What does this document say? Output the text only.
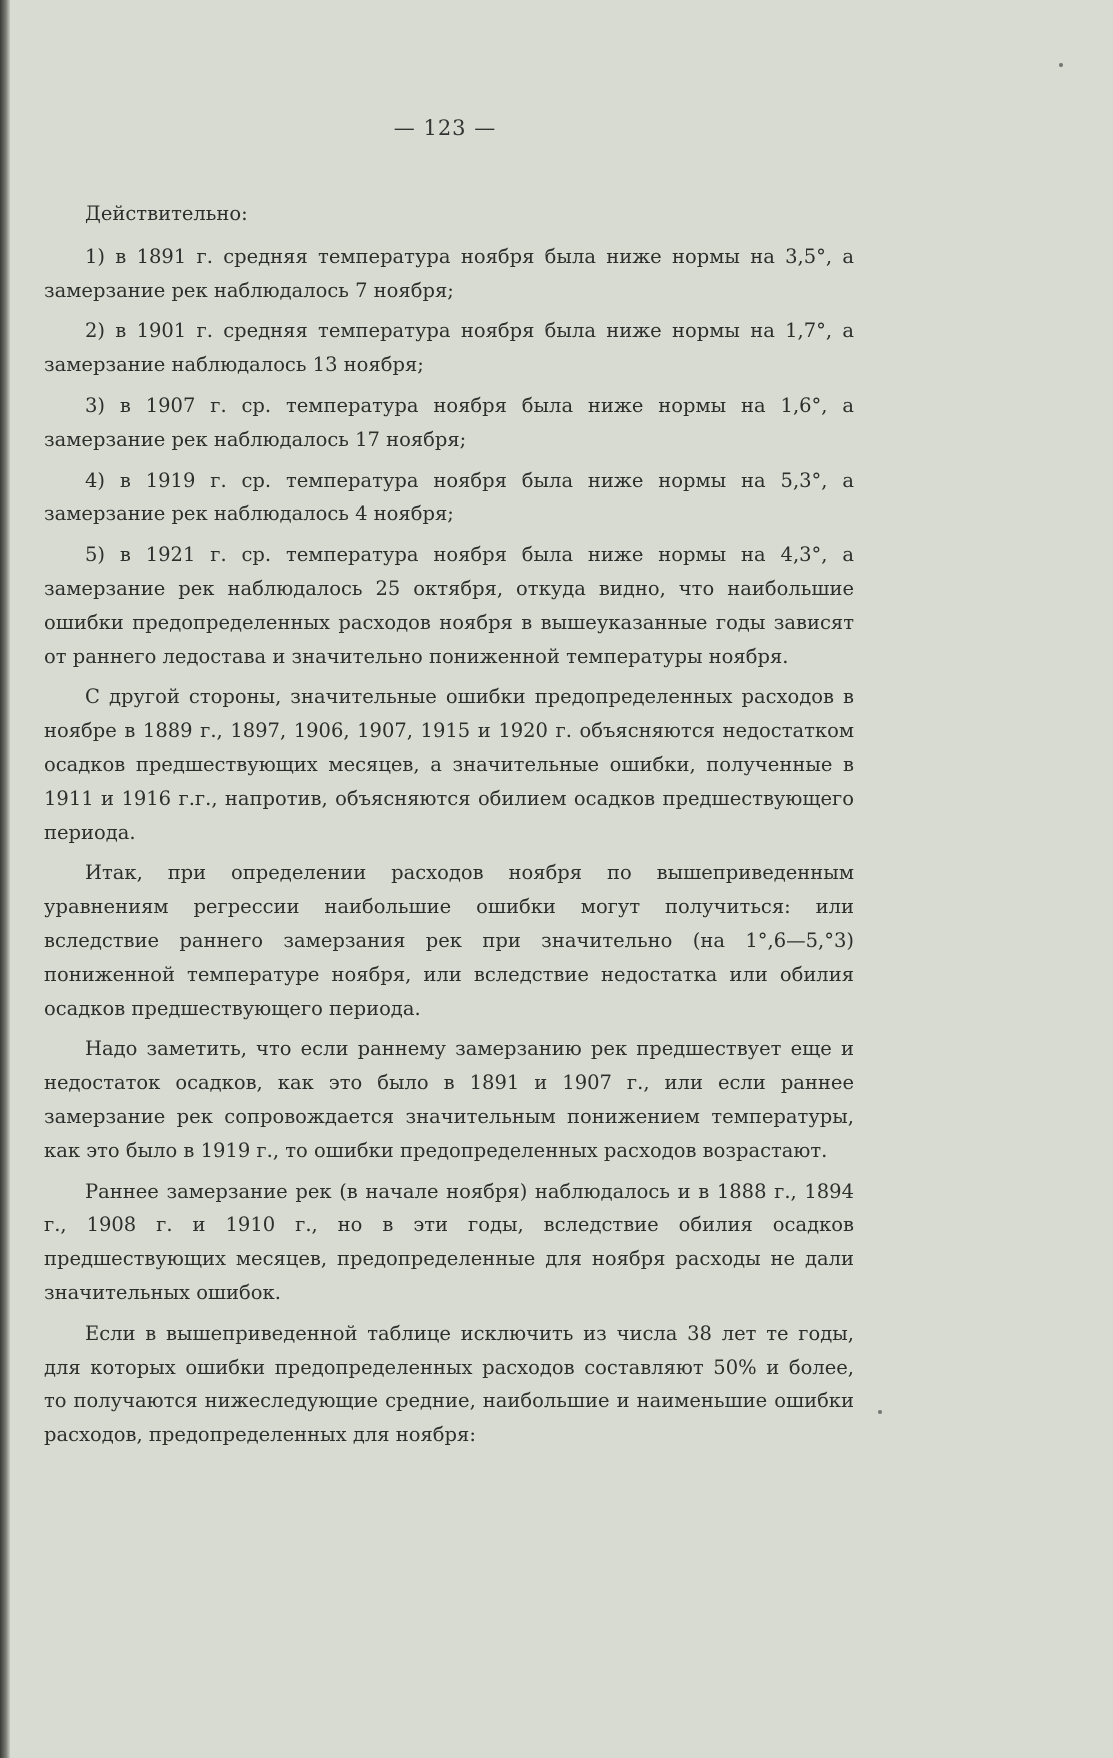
— 123 —
Действительно:

1) в 1891 г. средняя температура ноября была ниже нормы на 3,5°, а замерзание рек наблюдалось 7 ноября;

2) в 1901 г. средняя температура ноября была ниже нормы на 1,7°, а замерзание наблюдалось 13 ноября;

3) в 1907 г. ср. температура ноября была ниже нормы на 1,6°, а замерзание рек наблюдалось 17 ноября;

4) в 1919 г. ср. температура ноября была ниже нормы на 5,3°, а замерзание рек наблюдалось 4 ноября;

5) в 1921 г. ср. температура ноября была ниже нормы на 4,3°, а замерзание рек наблюдалось 25 октября, откуда видно, что наибольшие ошибки предопределенных расходов ноября в вышеуказанные годы зависят от раннего ледостава и значительно пониженной температуры ноября.

С другой стороны, значительные ошибки предопределенных расходов в ноябре в 1889 г., 1897, 1906, 1907, 1915 и 1920 г. объясняются недостатком осадков предшествующих месяцев, а значительные ошибки, полученные в 1911 и 1916 г.г., напротив, объясняются обилием осадков предшествующего периода.

Итак, при определении расходов ноября по вышеприведенным уравнениям регрессии наибольшие ошибки могут получиться: или вследствие раннего замерзания рек при значительно (на 1°,6—5,°3) пониженной температуре ноября, или вследствие недостатка или обилия осадков предшествующего периода.

Надо заметить, что если раннему замерзанию рек предшествует еще и недостаток осадков, как это было в 1891 и 1907 г., или если раннее замерзание рек сопровождается значительным понижением температуры, как это было в 1919 г., то ошибки предопределенных расходов возрастают.

Раннее замерзание рек (в начале ноября) наблюдалось и в 1888 г., 1894 г., 1908 г. и 1910 г., но в эти годы, вследствие обилия осадков предшествующих месяцев, предопределенные для ноября расходы не дали значительных ошибок.

Если в вышеприведенной таблице исключить из числа 38 лет те годы, для которых ошибки предопределенных расходов составляют 50% и более, то получаются нижеследующие средние, наибольшие и наименьшие ошибки расходов, предопределенных для ноября:
